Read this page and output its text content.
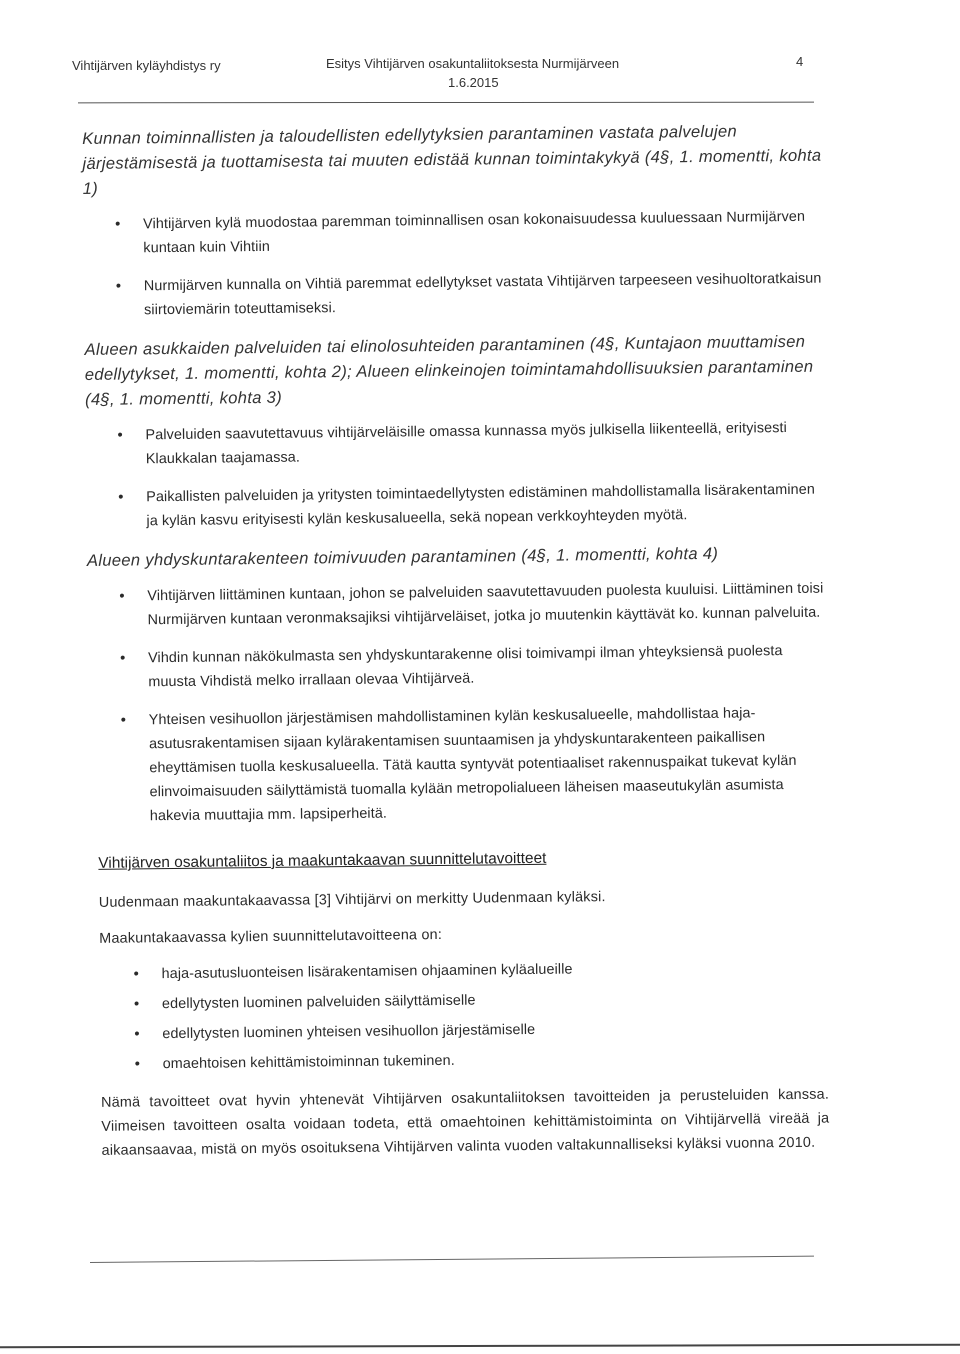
Vihtijärven kyläyhdistys ry	Esitys Vihtijärven osakuntaliitoksesta Nurmijärveen
1.6.2015
4

Kunnan toiminnallisten ja taloudellisten edellytyksien parantaminen vastata palvelujen järjestämisestä ja tuottamisesta tai muuten edistää kunnan toimintakykyä (4§, 1. momentti, kohta 1)

• Vihtijärven kylä muodostaa paremman toiminnallisen osan kokonaisuudessa kuuluessaan Nurmijärven kuntaan kuin Vihtiin
• Nurmijärven kunnalla on Vihtiä paremmat edellytykset vastata Vihtijärven tarpeeseen vesihuoltoratkaisun siirtoviemärin toteuttamiseksi.

Alueen asukkaiden palveluiden tai elinolosuhteiden parantaminen (4§, Kuntajaon muuttamisen edellytykset, 1. momentti, kohta 2); Alueen elinkeinojen toimintamahdollisuuksien parantaminen (4§, 1. momentti, kohta 3)

• Palveluiden saavutettavuus vihtijärveläisille omassa kunnassa myös julkisella liikenteellä, erityisesti Klaukkalan taajamassa.
• Paikallisten palveluiden ja yritysten toimintaedellytysten edistäminen mahdollistamalla lisärakentaminen ja kylän kasvu erityisesti kylän keskusalueella, sekä nopean verkkoyhteyden myötä.

Alueen yhdyskuntarakenteen toimivuuden parantaminen (4§, 1. momentti, kohta 4)

• Vihtijärven liittäminen kuntaan, johon se palveluiden saavutettavuuden puolesta kuuluisi. Liittäminen toisi Nurmijärven kuntaan veronmaksajiksi vihtijärveläiset, jotka jo muutenkin käyttävät ko. kunnan palveluita.
• Vihdin kunnan näkökulmasta sen yhdyskuntarakenne olisi toimivampi ilman yhteyksiensä puolesta muusta Vihdistä melko irrallaan olevaa Vihtijärveä.
• Yhteisen vesihuollon järjestämisen mahdollistaminen kylän keskusalueelle, mahdollistaa haja-asutusrakentamisen sijaan kylärakentamisen suuntaamisen ja yhdyskuntarakenteen paikallisen eheyttämisen tuolla keskusalueella. Tätä kautta syntyvät potentiaaliset rakennuspaikat tukevat kylän elinvoimaisuuden säilyttämistä tuomalla kylään metropolialueen läheisen maaseutukylän asumista hakevia muuttajia mm. lapsiperheitä.
Vihtijärven osakuntaliitos ja maakuntakaavan suunnittelutavoitteet

Uudenmaan maakuntakaavassa [3] Vihtijärvi on merkitty Uudenmaan kyläksi.

Maakuntakaavassa kylien suunnittelutavoitteena on:

• haja-asutusluonteisen lisärakentamisen ohjaaminen kyläalueille
• edellytysten luominen palveluiden säilyttämiselle
• edellytysten luominen yhteisen vesihuollon järjestämiselle
• omaehtoisen kehittämistoiminnan tukeminen.

Nämä tavoitteet ovat hyvin yhtenevät Vihtijärven osakuntaliitoksen tavoitteiden ja perusteluiden kanssa. Viimeisen tavoitteen osalta voidaan todeta, että omaehtoinen kehittämistoiminta on Vihtijärvellä vireää ja aikaansaavaa, mistä on myös osoituksena Vihtijärven valinta vuoden valtakunnalliseksi kyläksi vuonna 2010.
